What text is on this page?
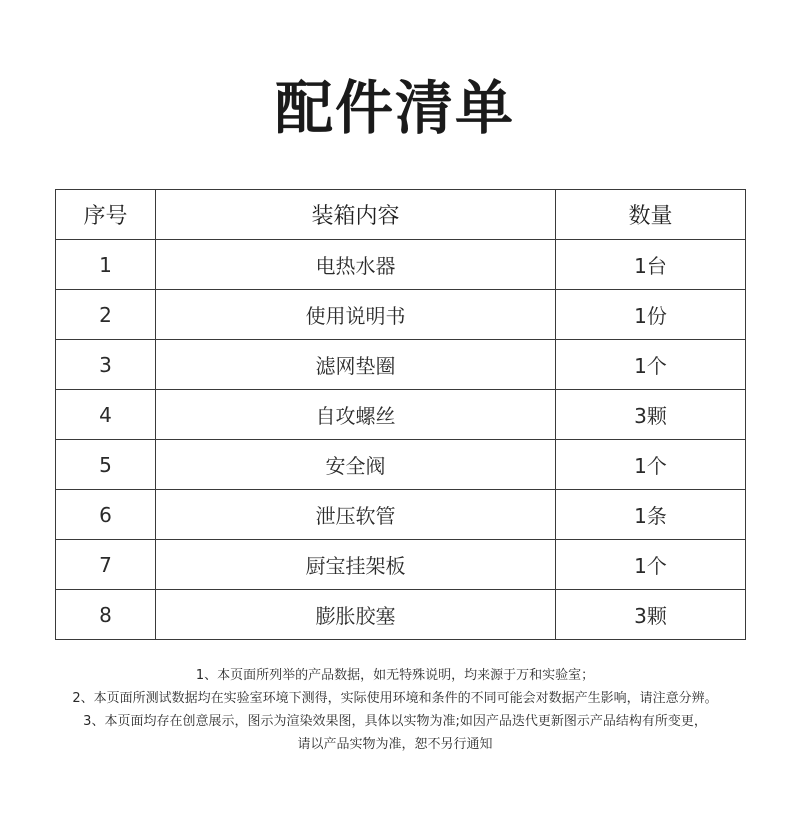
配件清单
序号	装箱内容	数量
1	电热水器	1台
2	使用说明书	1份
3	滤网垫圈	1个
4	自攻螺丝	3颗
5	安全阀	1个
6	泄压软管	1条
7	厨宝挂架板	1个
8	膨胀胶塞	3颗
1、本页面所列举的产品数据，如无特殊说明，均来源于万和实验室；
2、本页面所测试数据均在实验室环境下测得，实际使用环境和条件的不同可能会对数据产生影响，请注意分辨。
3、本页面均存在创意展示，图示为渲染效果图，具体以实物为准;如因产品迭代更新图示产品结构有所变更，
请以产品实物为准，恕不另行通知
